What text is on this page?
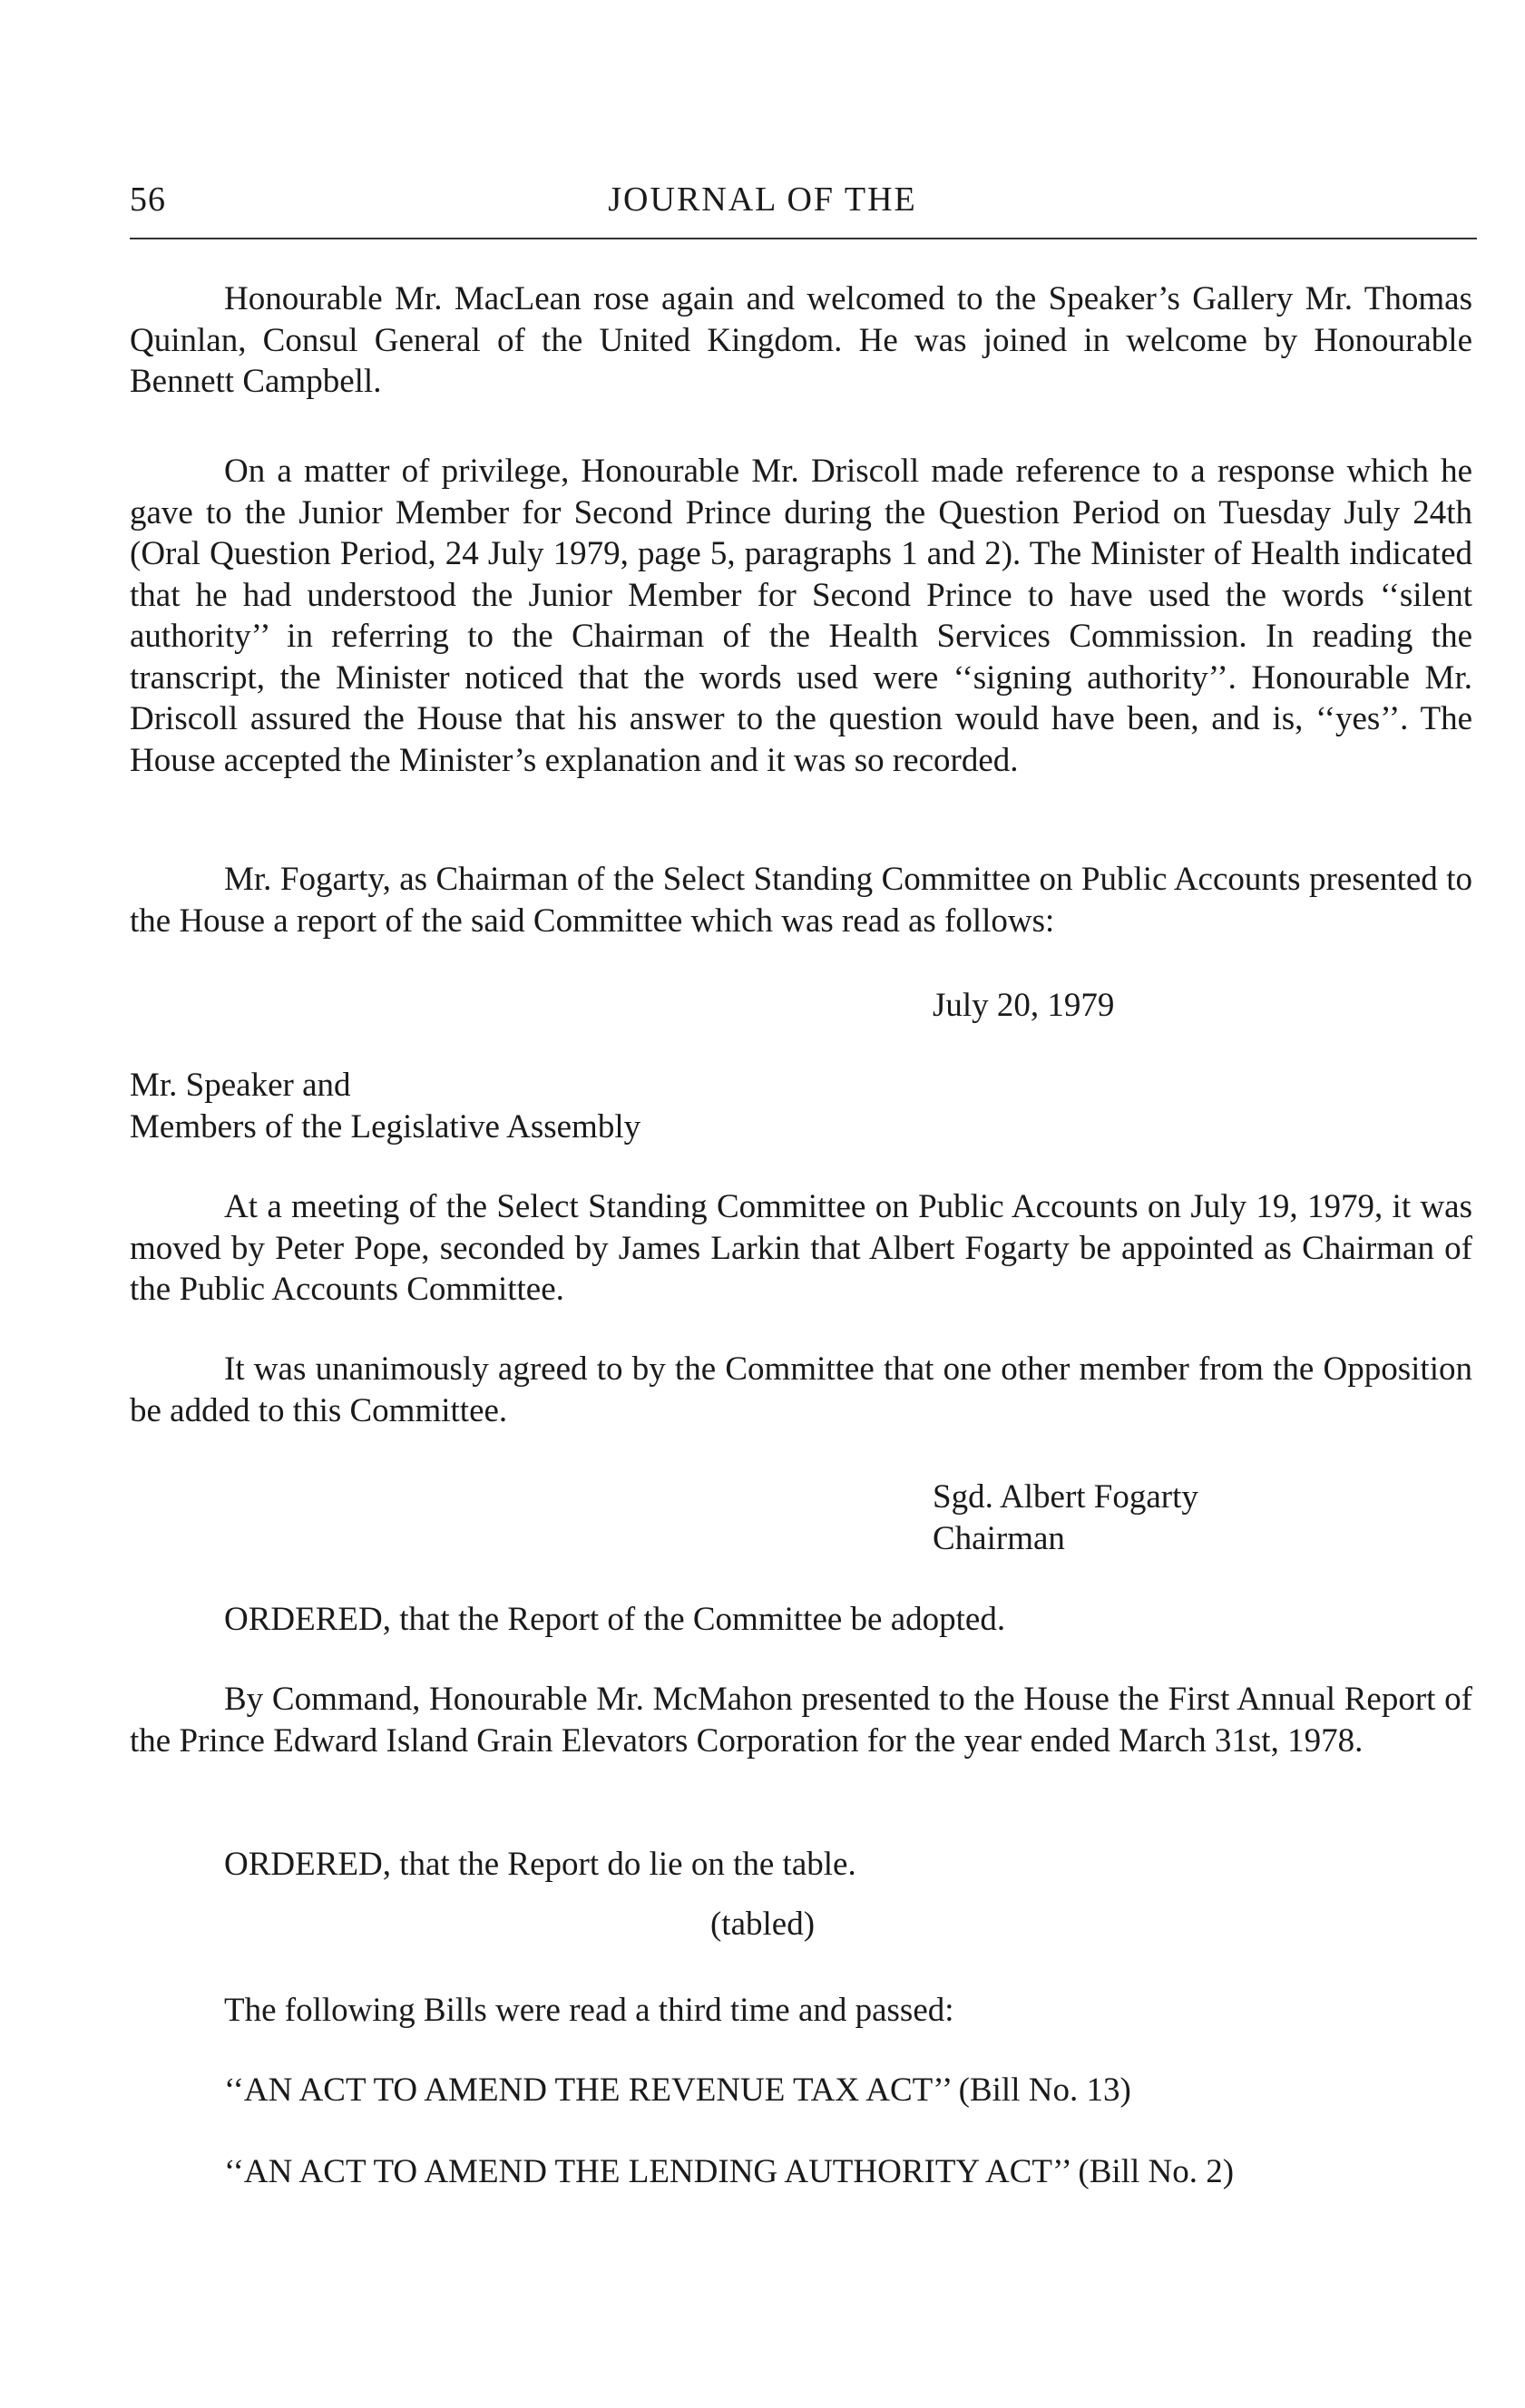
56	JOURNAL OF THE

Honourable Mr. MacLean rose again and welcomed to the Speaker’s Gallery Mr. Thomas Quinlan, Consul General of the United Kingdom. He was joined in welcome by Honourable Bennett Campbell.

On a matter of privilege, Honourable Mr. Driscoll made reference to a response which he gave to the Junior Member for Second Prince during the Question Period on Tuesday July 24th (Oral Question Period, 24 July 1979, page 5, paragraphs 1 and 2). The Minister of Health indicated that he had understood the Junior Member for Second Prince to have used the words ‘‘silent authority’’ in referring to the Chairman of the Health Services Commission. In reading the transcript, the Minister noticed that the words used were ‘‘signing authority’’. Honourable Mr. Driscoll assured the House that his answer to the question would have been, and is, ‘‘yes’’. The House accepted the Minister’s explanation and it was so recorded.

Mr. Fogarty, as Chairman of the Select Standing Committee on Public Accounts presented to the House a report of the said Committee which was read as follows:

July 20, 1979
Mr. Speaker and
Members of the Legislative Assembly

At a meeting of the Select Standing Committee on Public Accounts on July 19, 1979, it was moved by Peter Pope, seconded by James Larkin that Albert Fogarty be appointed as Chairman of the Public Accounts Committee.

It was unanimously agreed to by the Committee that one other member from the Opposition be added to this Committee.

Sgd. Albert Fogarty
Chairman

ORDERED, that the Report of the Committee be adopted.

By Command, Honourable Mr. McMahon presented to the House the First Annual Report of the Prince Edward Island Grain Elevators Corporation for the year ended March 31st, 1978.

ORDERED, that the Report do lie on the table.

(tabled)

The following Bills were read a third time and passed:

‘‘AN ACT TO AMEND THE REVENUE TAX ACT’’ (Bill No. 13)
‘‘AN ACT TO AMEND THE LENDING AUTHORITY ACT’’ (Bill No. 2)
